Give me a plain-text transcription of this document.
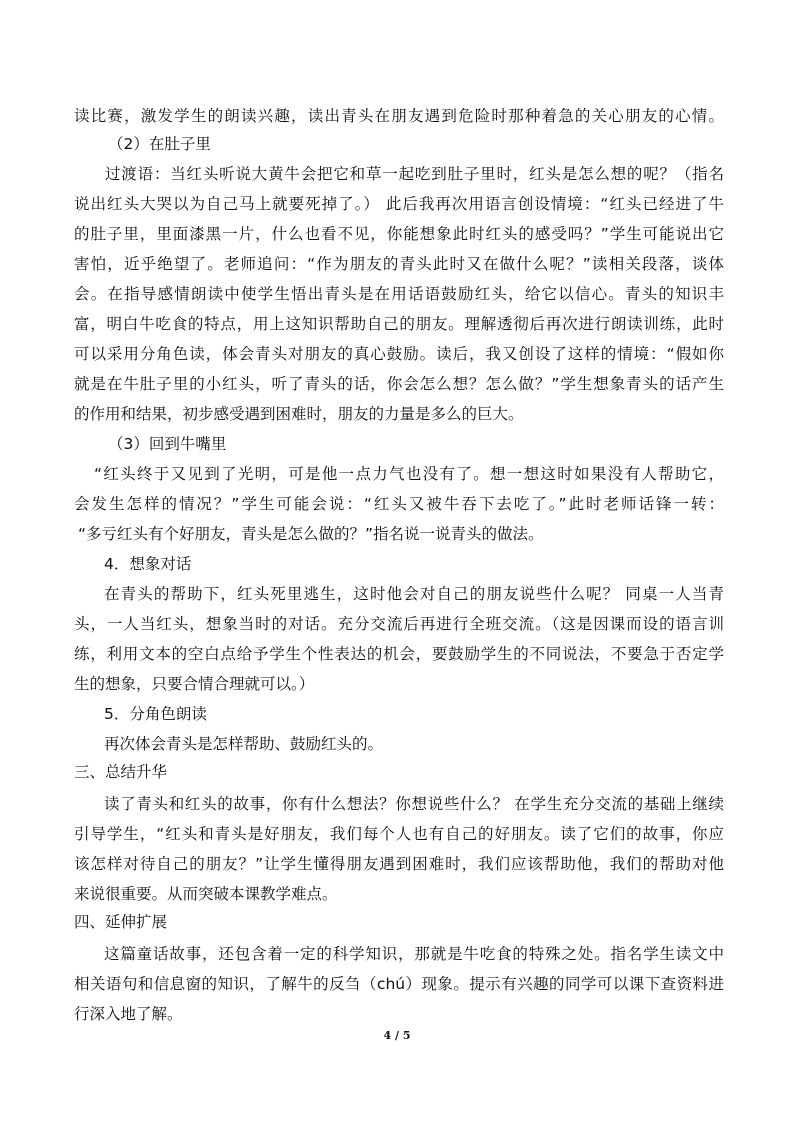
读比赛，激发学生的朗读兴趣，读出青头在朋友遇到危险时那种着急的关心朋友的心情。
（2）在肚子里
过渡语：当红头听说大黄牛会把它和草一起吃到肚子里时，红头是怎么想的呢？（指名
说出红头大哭以为自己马上就要死掉了。） 此后我再次用语言创设情境：“红头已经进了牛
的肚子里，里面漆黑一片，什么也看不见，你能想象此时红头的感受吗？”学生可能说出它
害怕，近乎绝望了。老师追问：“作为朋友的青头此时又在做什么呢？”读相关段落，谈体
会。在指导感情朗读中使学生悟出青头是在用话语鼓励红头，给它以信心。青头的知识丰
富，明白牛吃食的特点，用上这知识帮助自己的朋友。理解透彻后再次进行朗读训练，此时
可以采用分角色读，体会青头对朋友的真心鼓励。读后，我又创设了这样的情境：“假如你
就是在牛肚子里的小红头，听了青头的话，你会怎么想？怎么做？”学生想象青头的话产生
的作用和结果，初步感受遇到困难时，朋友的力量是多么的巨大。
（3）回到牛嘴里
“红头终于又见到了光明，可是他一点力气也没有了。想一想这时如果没有人帮助它，
会发生怎样的情况？”学生可能会说：“红头又被牛吞下去吃了。”此时老师话锋一转：
“多亏红头有个好朋友，青头是怎么做的？”指名说一说青头的做法。
4．想象对话
在青头的帮助下，红头死里逃生，这时他会对自己的朋友说些什么呢？ 同桌一人当青
头，一人当红头，想象当时的对话。充分交流后再进行全班交流。（这是因课而设的语言训
练，利用文本的空白点给予学生个性表达的机会，要鼓励学生的不同说法，不要急于否定学
生的想象，只要合情合理就可以。）
5．分角色朗读
再次体会青头是怎样帮助、鼓励红头的。
三、总结升华
读了青头和红头的故事，你有什么想法？你想说些什么？ 在学生充分交流的基础上继续
引导学生，“红头和青头是好朋友，我们每个人也有自己的好朋友。读了它们的故事，你应
该怎样对待自己的朋友？”让学生懂得朋友遇到困难时，我们应该帮助他，我们的帮助对他
来说很重要。从而突破本课教学难点。
四、延伸扩展
这篇童话故事，还包含着一定的科学知识，那就是牛吃食的特殊之处。指名学生读文中
相关语句和信息窗的知识，了解牛的反刍（chú）现象。提示有兴趣的同学可以课下查资料进
行深入地了解。
4 / 5
